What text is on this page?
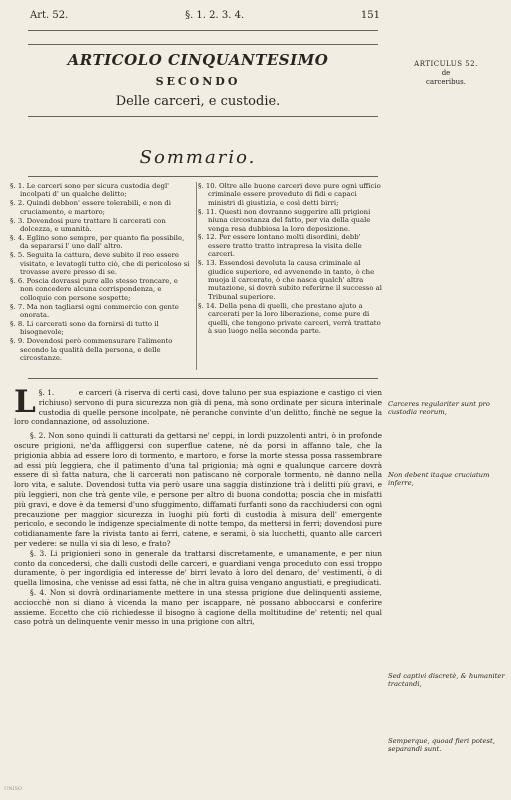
Art. 52.	§. 1. 2. 3. 4.	151
ARTICOLO CINQUANTESIMO
SECONDO
Delle carceri, e custodie.
ARTICULUS 52.
de
carceribus.
Sommario.

§. 1. Le carceri sono per sicura custodia degl' incolpati d' un qualche delitto;

§. 2. Quindi debbon' essere tolerabili, e non di cruciamento, e martoro;

§. 3. Dovendosi pure trattare li carcerati con dolcezza, e umanità.

§. 4. Eglino sono sempre, per quanto fia possibile, da separarsi l' uno dall' altro.

§. 5. Seguita la cattura, deve subito il reo essere visitato, e levatogli tutto ciò, che di pericoloso si trovasse avere presso di se.

§. 6. Poscia dovrassi pure allo stesso troncare, e non concedere alcuna corrispondenza, e colloquio con persone sospette;

§. 7. Ma non tagliarsi ogni commercio con gente onorata.

§. 8. Li carcerati sono da fornirsi di tutto il bisognevole;

§. 9. Dovendosi però commensurare l'alimento secondo la qualità della persona, e delle circostanze.

§. 10. Oltre alle buone carceri deve pure ogni ufficio criminale essere proveduto di fidi e capaci ministri di giustizia, e così detti birri;

§. 11. Questi non dovranno suggerire alli prigioni niuna circostanza del fatto, per via della quale venga resa dubbiosa la loro deposizione.

§. 12. Per essere lontano molti disordini, debb' essere tratto tratto intrapresa la visita delle carceri.

§. 13. Essendosi devoluta la causa criminale al giudice superiore, ed avvenendo in tanto, ò che muoja il carcerato, ò che nasca qualch' altra mutazione, si dovrà subito referirne il successo al Tribunal superiore.

§. 14. Della pena di quelli, che prestano ajuto a carcerati per la loro liberazione, come pure di quelli, che tengono private carceri, verrà trattato à suo luogo nella seconda parte.

§. 1.
L	e carceri (à riserva di certi casi, dove taluno per sua espiazione e castigo ci vien richiuso) servono di pura sicurezza non già di pena, mà sono ordinate per sicura interinale custodia di quelle persone incolpate, nè peranche convinte d'un delitto, finchè ne segue la loro condannazione, od assoluzione.

§. 2. Non sono quindi li catturati da gettarsi ne' ceppi, in lordi puzzolenti antri, ò in profonde oscure prigioni, ne'da affliggersi con superflue catene, nè da porsi in affanno tale, che la prigionia abbia ad essere loro di tormento, e martoro, e forse la morte stessa possa rassembrare ad essi più leggiera, che il patimento d'una tal prigionia; mà ogni e qualunque carcere dovrà essere di sì fatta natura, che li carcerati non patiscano nè corporale tormento, nè danno nella loro vita, e salute. Dovendosi tutta via però usare una saggia distinzione trà i delitti più gravi, e più leggieri, non che trà gente vile, e persone per altro di buona condotta; poscia che in misfatti più gravi, e dove è da temersi d'uno sfuggimento, diffamati furfanti sono da racchiudersi con ogni precauzione per maggior sicurezza in luoghi più forti di custodia à misura dell' emergente pericolo, e secondo le indigenze specialmente di notte tempo, da mettersi in ferri; dovendosi pure cotidianamente fare la rivista tanto ai ferri, catene, e serami, ò sia lucchetti, quanto alle carceri per vedere: se nulla vi sia di leso, e frato?

§. 3. Li prigionieri sono in generale da trattarsi discretamente, e umanamente, e per niun conto da concedersi, che dalli custodi delle carceri, e guardiani venga proceduto con essi troppo duramente, ò per ingordigia ed interesse de' birri levato à loro del denaro, de' vestimenti, ò di quella limosina, che venisse ad essi fatta, nè che in altra guisa vengano angustiati, e pregiudicati.

§. 4. Non si dovrà ordinariamente mettere in una stessa prigione due delinquenti assieme, acciocchè non si diano à vicenda la mano per iscappare, nè possano abboccarsi e conferire assieme. Eccetto che ciò richiedesse il bisogno à cagione della moltitudine de' retenti; nel qual caso potrà un delinquente venir messo in una prigione con altri,

Carceres regulariter sunt pro custodia reorum,
Non debent itaque cruciatum inferre,
Sed captivi discretè, & humaniter tractandi,
Semperque, quoad fieri potest, separandi sunt.
UNISO
